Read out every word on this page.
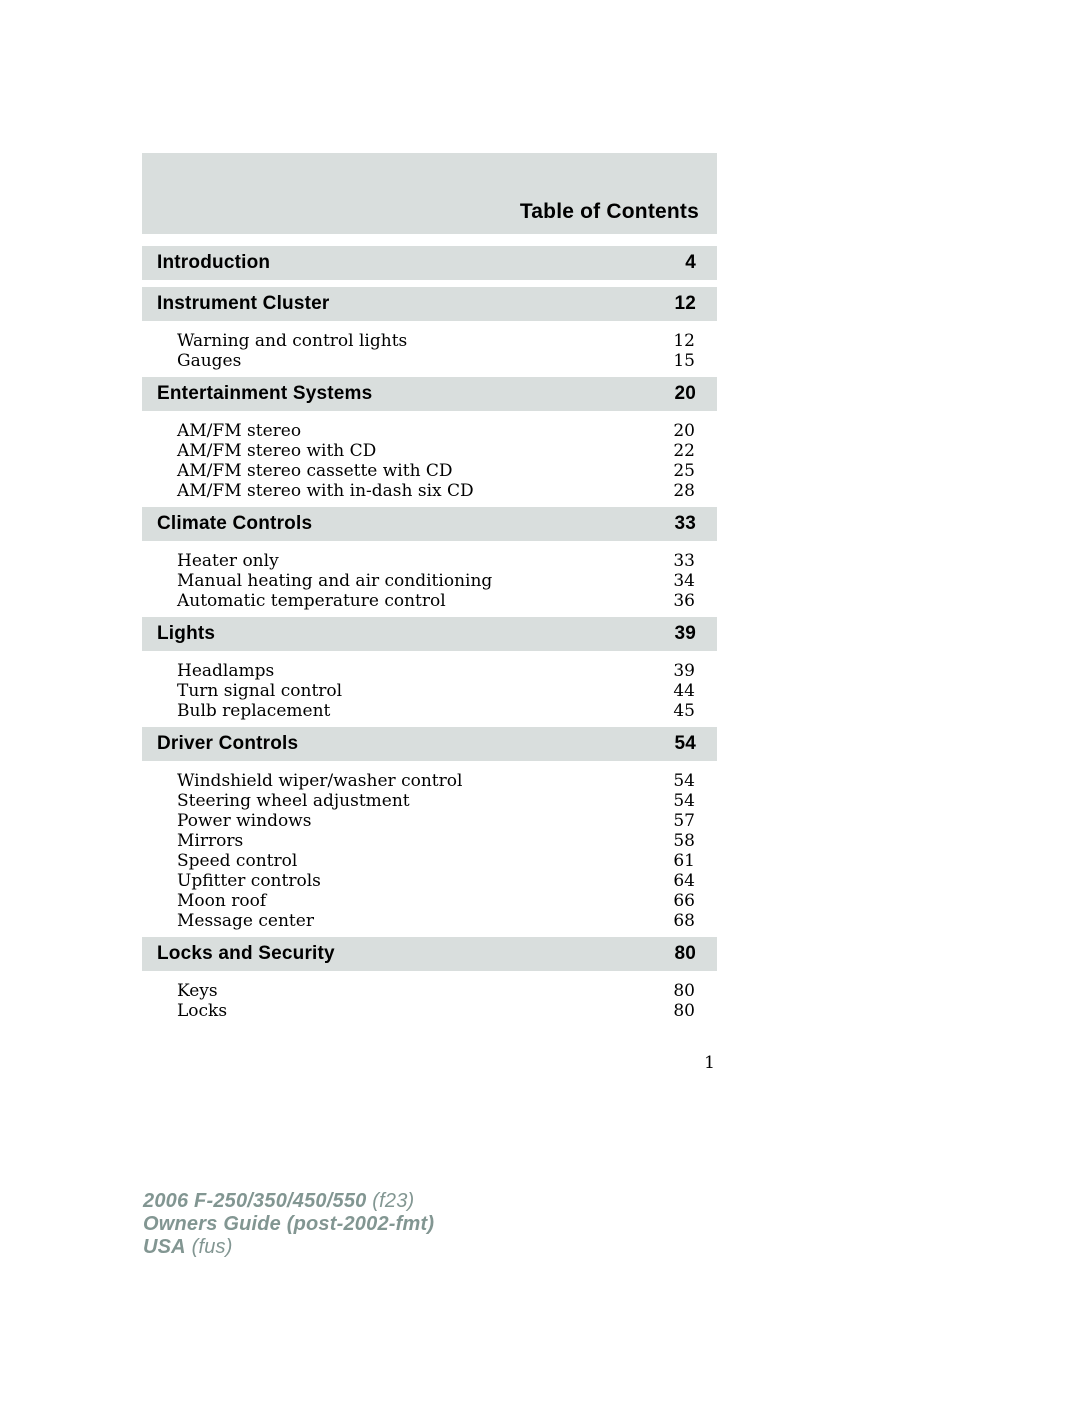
Table of Contents
Introduction	4
Instrument Cluster	12
Warning and control lights	12
Gauges	15
Entertainment Systems	20
AM/FM stereo	20
AM/FM stereo with CD	22
AM/FM stereo cassette with CD	25
AM/FM stereo with in-dash six CD	28
Climate Controls	33
Heater only	33
Manual heating and air conditioning	34
Automatic temperature control	36
Lights	39
Headlamps	39
Turn signal control	44
Bulb replacement	45
Driver Controls	54
Windshield wiper/washer control	54
Steering wheel adjustment	54
Power windows	57
Mirrors	58
Speed control	61
Upfitter controls	64
Moon roof	66
Message center	68
Locks and Security	80
Keys	80
Locks	80
1
2006 F-250/350/450/550 (f23)
Owners Guide (post-2002-fmt)
USA (fus)
